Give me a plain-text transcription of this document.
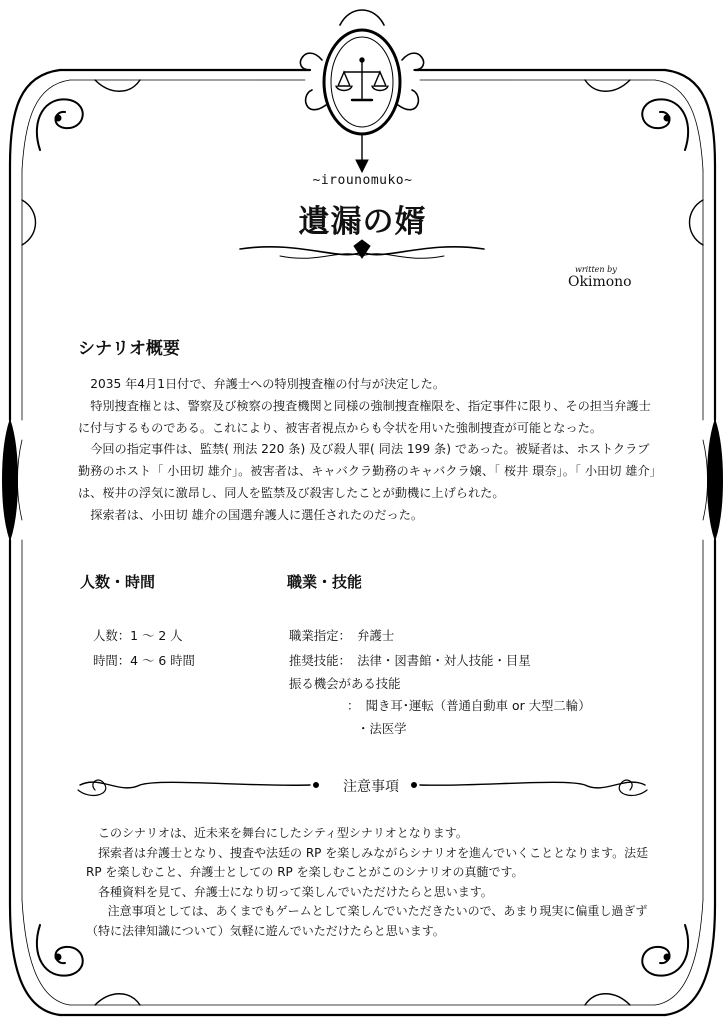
~irounomuko~
遺漏の婿
written by
Okimono
シナリオ概要

2035 年4月1日付で、弁護士への特別捜査権の付与が決定した。

特別捜査権とは、警察及び検察の捜査機関と同様の強制捜査権限を、指定事件に限り、その担当弁護士に付与するものである。これにより、被害者視点からも令状を用いた強制捜査が可能となった。

今回の指定事件は、監禁( 刑法 220 条) 及び殺人罪( 同法 199 条) であった。被疑者は、ホストクラブ勤務のホスト「 小田切 雄介」。被害者は、キャバクラ勤務のキャバクラ嬢、「 桜井 環奈」。「 小田切 雄介」は、桜井の浮気に激昂し、同人を監禁及び殺害したことが動機に上げられた。

探索者は、小田切 雄介の国選弁護人に選任されたのだった。

人数・時間
人数：1 ～ 2 人
時間：4 ～ 6 時間
職業・技能
職業指定：　弁護士
推奨技能：　法律・図書館・対人技能・目星
振る機会がある技能
：　聞き耳･運転（普通自動車 or 大型二輪）
・法医学
注意事項

このシナリオは、近未来を舞台にしたシティ型シナリオとなります。

探索者は弁護士となり、捜査や法廷の RP を楽しみながらシナリオを進んでいくこととなります。法廷 RP を楽しむこと、弁護士としての RP を楽しむことがこのシナリオの真髄です。

各種資料を見て、弁護士になり切って楽しんでいただけたらと思います。

注意事項としては、あくまでもゲームとして楽しんでいただきたいので、あまり現実に偏重し過ぎず（特に法律知識について）気軽に遊んでいただけたらと思います。
